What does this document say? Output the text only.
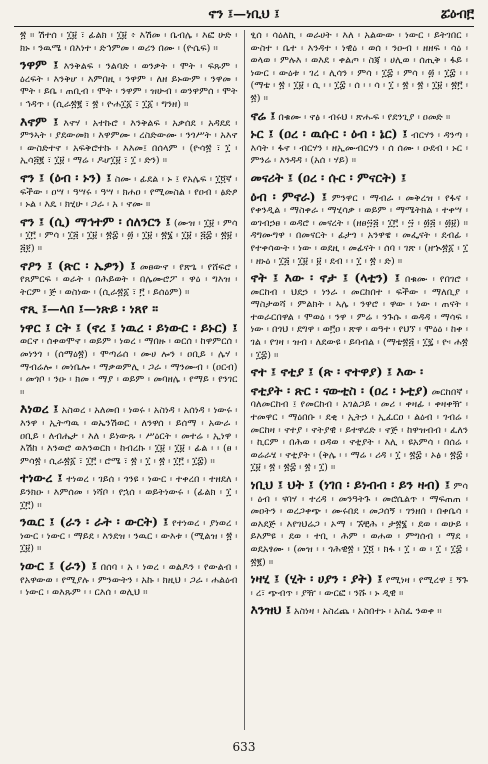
ኖን ፤—ነቢህ ፤	ፚዕብ፫

፳ ። ሽተሰ ፡ ፲፱ ፣ ፊልክ ፡ ፲፱ ፥ እሽመ ፡ ቤብሌ ፡ እፎ ሁድ ፡ ክኑ ፡ ንዉሜ ፡ በእነተ ፡ ድኅምመ ፡ ወሪን በሙ ፡ (ዮሴፍ) ።

ንዋም ፤ እንቅልፍ ፡ ንልባድ ፡ ወንቃት ፡ ሞት ፡ ፍጹም ፡ ዕረፍት ፡ እንቅሆ ፡ እምበዚ ፡ ንዋም ፡ ለዘ ይኑውም ፡ ንዋመ ፡ ሞት ፡ ይቤ ፡ ጠቢብ ፡ ሞት ፡ ንዋም ፡ ዝሁብ ፡ ወንዋምሰ ፡ ሞት ፡ ኅዳጥ ፡ (ሲራ፳፪ ፣ ፳ ፡ ዮሐ፲፩ ፣ ፲፩ ፡ ግንዘ) ።

እኖም ፤ እኖሃ ፡ አተኩሮ ፡ እንቅልፍ ፡ አቃሰደ ፡ አዳደደ ፡ ምንኣት ፡ ያደውመክ ፡ እዋምሙ ፡ ረስድውሙ ፡ ንጎሥት ፡ አእኖ ፡ ውስድተኖ ፡ አፍቅሮተኩ ፡ እእመ፤ በሰላም ፡ (ዮሳ፳ ፣ ፲ ፡ ኢሳ፭፪ ፣ ፲፱ ፡ ማሬ ፡ ዶሆ፲፱ ፣ ፲ ፡ ድን) ።

ኖን ፤ (ዕብ ፡ ኑን) ፤ ስሙ ፡ ፊደል ፡ ኑ ፤ የአሌፍ ፡ ፲፬ኛ ፡ ፍችው ፡ ዐሣ ፡ ዓሣሩ ፡ ዓሣ ፡ ክሐዐ ፡ የሚመስል ፡ የዐብ ፡ ፅድፆ ፡ ኑል ፡ እዴ ፡ ክሂሁ ፡ ጋራ ፡ አ ፡ ኖሙ ።

ኖን ፤ (ሲ) ማኅተም ፡ ሰለንርን ፤ (ሙዝ ፡ ፲፱ ፡ ምሳ ፡ ፲፫ ፡ ምሳ ፡ ፲፭ ፡ ፲፱ ፡ ፳፰ ፡ ፴ ፡ ፲፱ ፡ ፳፮ ፡ ፲፱ ፡ ፭፰ ፡ ፳፱ ፡ ፭፻) ።

ኖዖን ፤ (ጽር ፡ ኤዎን) ፤ መፀውኖ ፡ የጽጌ ፡ የሸፍሮ ፡ የጸምርፍ ፡ ወራት ፡ በሕይወት ፡ በሌሙሮፖ ፡ ዋዕ ፡ ግእዝ ፡ ትርም ፡ ጅ ፡ ወስነው ፡ (ሲራ፳፩ ፣ ፫ ፡ ይሰዕም) ።

ኖጺ ፤—ላበ ፤—ነጽይ ፡ ነጸየ ።

ነዋር ፤ ርት ፤ (ኖረ ፤ ነዉረ ፡ ይነውር ፡ ይኑር) ፤ ወርኖ ፡ ሰቀወሞኖ ፡ ወይም ፡ ነወረ ፡ ማበዙ ፡ ወርሰ ፡ ከዋምርሰ ፡ መነንጎ ፡ (ሰማዕ፳) ፡ ሞጣሬሰ ፡ ሙሀ ሎን ፡ ዐቢይ ፡ ሌሃ ፡ ማብሬሎ ፡ መነቤሎ ፡ ማቃወምሊ ፡ ጋራ ፡ ማንሙብ ፡ (ዐርብ) ፡ መጎቦ ፡ ንዑ ፡ ክመ ፡ ማያ ፡ ወይም ፡ መባዘሌ ፡ የማይ ፡ የንገር ።

እነወረ ፤ አስወረ ፡ አለመበ ፡ ነወሩ ፡ አስነዳ ፡ አሰነዳ ፡ ነውሩ ፡ እንዋ ፡ ኢትጣዉ ፡ ወኤንሽወር ፡ ለንዋሰ ፡ ይሰማ ፡ አውራ ፡ ዐቢይ ፡ ለብሔታ ፡ እለ ፡ ይነውጹ ፡ ሥዕርት ፡ መተሬ ፡ ኢነዋ ፡ እሽከ ፡ እንወሮ ወእንወርክ ፡ ከብረኩ ፡ ፲፱ ፡ ፲፱ ፡ ፊል ፡ ፡ (ፀ ፡ ምሳ፳ ፡ ሲራ፳፩ ፣ ፲፫ ፡ ሮሜ ፣ ፳ ፡ ፲ ፡ ፳ ፡ ፲፫ ፡ ፲፰) ።

ተነውረ ፤ ተነወረ ፡ ገይሰ ፡ ጎንዩ ፡ ነውር ፡ ተቀረበ ፡ ተዘደለ ፡ ይንክዑ ፡ እምሰመ ፡ ነሻቦ ፡ የኋሰ ፡ ወይትነውሩ ፡ (ፊልክ ፡ ፲ ፡ ፲፫) ።

ንዉር ፤ (ራን ፡ ራት ፡ ውርት) ፤ የተነወረ ፡ ያነወረ ፡ ነውር ፡ ነውር ፡ ማይደ ፡ እንደዝ ፡ ንዉር ፡ ውእቱ ፡ (ሚልዝ ፡ ፳ ፡ ፲፱) ።

ነውር ፤ (ራን) ፤ በሰባ ፡ አ ፡ ነወረ ፡ ወልዶን ፡ የውልብ ፡ የአዋውወ ፡ የሚያሉ ፡ ምንውትን ፡ አኩ ፡ ክዚህ ፡ ጋራ ፡ ሐልዕብ ፡ ነውር ፡ ወእጹም ፡ ፡ ርእሰ ፡ ወሊህ ።

ፂሰ ፡ ሳዕለኪ ፡ ወራሀት ፡ እለ ፡ አልውው ፡ ነውር ፡ ይትገበር ፡ ውስተ ፡ ቤተ ፡ እንዳተ ፡ ነዊዕ ፡ ወሰ ፡ ንዑብ ፡ ዘዘፍ ፡ ሳዕ ፡ ወላወ ፡ ምሉእ ፡ ወእደ ፡ ቀልጦ ፡ ስጃ ፡ ሀሊወ ፡ ሰጢቅ ፡ ፋይ ፡ ነውር ፡ ውዕቱ ፡ ገረ ፡ ሊሳን ፡ ምሳ ፡ ፲፰ ፡ ምሳ ፡ ፴ ፡ ፲፰ ፡ ፡ (ማቴ ፡ ፳ ፡ ፲፱ ፡ ሲ ፡ ፡ ፲፰ ፡ ሰ ፡ ፡ ሳ ፡ ፲ ፡ ፳ ፡ ፳ ፡ ፲፱ ፡ ፳፫ ፡ ፳) ።

ኖሬ ፤ በቁሙ ፡ ኖፅ ፡ ብሩህ ፡ ጽሑፍ ፡ የደንጊያ ፡ ዐመድ ።

ኑር ፤ (ዐረ ፡ ዉሱር ፡ ዕብ ፡ ኔር) ፤ ብርሃን ፡ ዳንጣ ፡ እሳት ፡ ፋኖ ፡ ብርሃን ፡ ዘኢሙብርሃን ፡ ሰ ሰሙ ፡ ዑደብ ፡ ኑር ፡ ምንሬ ፡ እንዳዳ ፡ (አሰ ፡ ሃይ) ።

መናሪት ፤ (ዐረ ፡ ሱር ፡ ምናርት) ፤

ዕብ ፡ ምኖራ) ፤ ምንዋር ፡ ማብራ ፡ መቅረዝ ፡ የፋና ፡ የቀንዲል ፡ ማስቀራ ፡ ማሂሳቃ ፡ ወይም ፡ ማሜትክል ፡ ተቀሣ ፡ ወገብኃፀ ፡ ወዳሮ ፡ መናረት ፡ (ዘፀ፵፭ ፡ ፲፫ ፡ ፵ ፡ ፴፭ ፡ ፴፱) ። ዳግሙግዋ ፡ በመናርት ፡ ፊታጎ ፡ አንዋዌ ፡ መፌናት ፡ ደብፊ ፡ የተቀሳውት ፡ ነው ፡ ወደዚ ፡ መፊናት ፡ ሰባ ፡ ገጽ ፡ (ዘኊ፳፩ ፡ ፲ ፡ ዘኑዕ ፡ ፲፭ ፡ ፲፱ ፡ ፱ ፡ ደብ ፡ ፡ ፲ ፡ ፳ ፡ ድ) ።

ኖት ፤ እው ፡ ኖታ ፤ (ላቲን) ፤ በቁሙ ፡ የበገሮ ፡ መርከብ ፡ ህደኃ ፡ ነንራ ፡ መርከበተ ፡ ፍችው ፡ ማለቢያ ፡ ማስታወሻ ፡ ምልክት ፡ ኣሌ ፡ ንዋሮ ፡ ዋው ፡ ነው ፡ ጠናት ፡ ተወራርበዋል ፡ ሞወዕ ፡ ንዋ ፡ ምሬ ፡ ንጉሱ ፡ ወዳዳ ፡ ማሳፍ ፡ ነው ፡ በጎህ ፡ ደግዋ ፡ ወ፫ዐ ፡ ጽዋ ፡ ወዓተ ፡ የህኘ ፡ ሞዕዕ ፡ ከቀ ፡ ገል ፡ የገዛ ፡ ዝብ ፡ ለደውዩ ፡ ይባብል ፡ (ማቴ፳፭ ፡ ፲፯ ፡ ዮ፡ ሐ፳ ፡ ፲፰) ።

ኖተ ፤ ኖቲያ ፤ (ጽ ፡ ኖተዋያ) ፤ እው ፡

ኖቲያት ፡ ጽር ፡ ናውቲስ ፡ (ዐረ ፡ ኑቲያ) መርከበኛ ፡ ባለመርከብ ፤ የመርከብ ፡ አገልጋይ ፡ መሪ ፡ ቀዛፊ ፡ ቀዛቀዥ ፡ ተመዋር ፡ ማዕበቡ ፡ ደቂ ፡ ኢትኃ ፡ ኢፈርዐ ፡ ልዕብ ፡ ገብሬ ፡ መርከዛ ፡ ኖተያ ፡ ኖትያዊ ፡ ይተዋረድ ፡ ኖጅ ፡ ከዋዝብብ ፡ ፈለን ፡ ኪርም ፡ በሕወ ፡ ዐዳወ ፡ ኖቲያት ፡ እሊ ፡ ዩአምሳ ፡ በሰሬ ፡ ወሬራሄ ፡ ኖቲያት ፡ (ቅሌ ፡ ፡ ማሬ ፡ ሪዳ ፡ ፲ ፡ ፳፰ ፡ ኦፅ ፡ ፳፰ ፡ ፲፱ ፡ ፳ ፡ ፳፰ ፡ ፳ ፡ ፲) ።

ነቢህ ፤ ህት ፤ (ነገበ ፡ ይነብብ ፡ ይን ዛብ) ፤ ምሳ ፡ ዕብ ፡ ናባሃ ፡ ተረዳ ፡ መንዓትጉ ፡ መሮሴልጥ ፡ ማፍጠጠ ፡ መዐትን ፡ ወረጋቀጭ ፡ ሙሩበደ ፡ መጋሰኝ ፡ ገንዘበ ፡ በቀቤሳ ፡ ወእደጅ ፡ እየገህሬጋ ፡ ኦማ ፡ ኧቺሕ ፡ ታ፳፮ ፡ ደወ ፡ ወሁይ ፡ ይእምዩ ፡ ደወ ፡ ተቢ ፡ ሕም ፡ ወሐወ ፡ ምግሰብ ፡ ማደ ፡ ወደአፃሙ ፡ (መዝ ፡ ፡ ጎሕዊ፳ ፡ ፲፬ ፡ ክፋ ፡ ፲ ፡ ወ ፡ ፲ ፡ ፲፰ ፡ ፳፪) ።

ነዛሂ ፤ (ሂት ፡ ሀያን ፡ ያት) ፤ የሚነዛ ፡ የሚረዋ ፤ ኝጉ ፡ ረ፣ ጭብጥ ፡ ያዥ ፡ ውርፎ ፡ ንሹ ፡ ኑ ዲዊ ።

እንዝህ ፤ አስነዛ ፡ አስረጨ ፡ አስበተኑ ፡ አስፈ ንወቀ ።

633
